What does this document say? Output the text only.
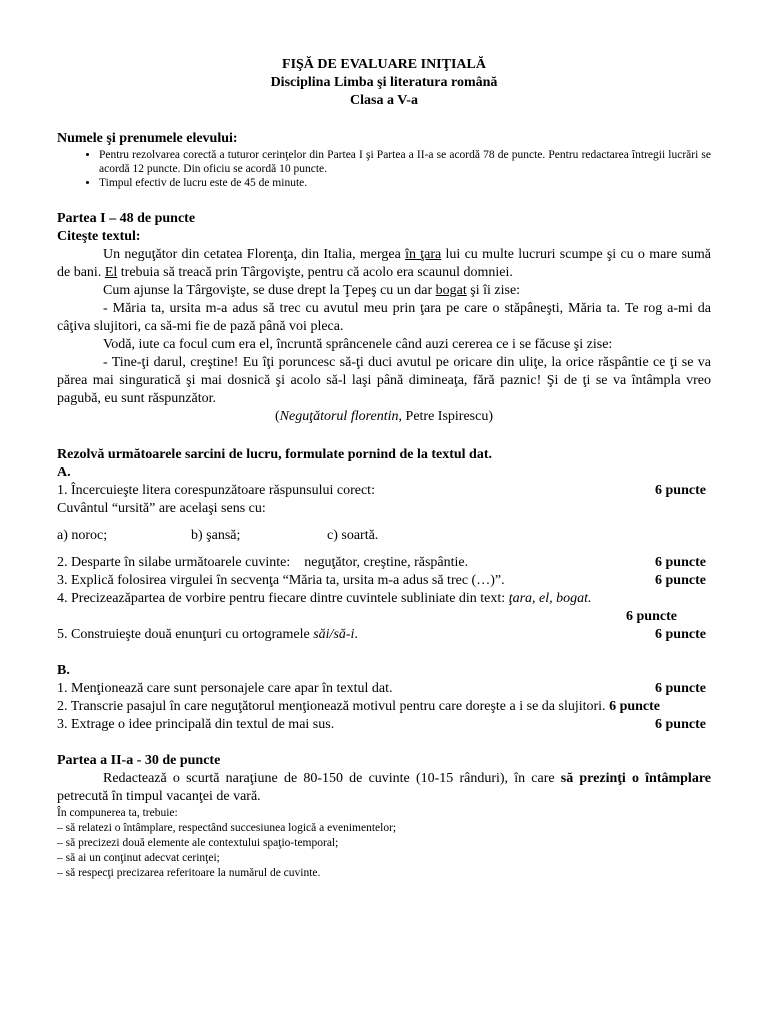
FIŞĂ DE EVALUARE INIŢIALĂ
Disciplina Limba şi literatura română
Clasa a V-a
Numele şi prenumele elevului:
• Pentru rezolvarea corectă a tuturor cerinţelor din Partea I şi Partea a II-a se acordă 78 de puncte. Pentru redactarea întregii lucrări se acordă 12 puncte. Din oficiu se acordă 10 puncte.
• Timpul efectiv de lucru este de 45 de minute.
Partea I – 48 de puncte
Citeşte textul:

Un neguţător din cetatea Florenţa, din Italia, mergea în ţara lui cu multe lucruri scumpe şi cu o mare sumă de bani. El trebuia să treacă prin Târgovişte, pentru că acolo era scaunul domniei.

Cum ajunse la Târgovişte, se duse drept la Ţepeş cu un dar bogat şi îi zise:

- Măria ta, ursita m-a adus să trec cu avutul meu prin ţara pe care o stăpâneşti, Măria ta. Te rog a-mi da câţiva slujitori, ca să-mi fie de pază până voi pleca.

Vodă, iute ca focul cum era el, încruntă sprâncenele când auzi cererea ce i se făcuse şi zise:

- Tine-ţi darul, creştine! Eu îţi poruncesc să-ţi duci avutul pe oricare din uliţe, la orice răspântie ce ţi se va părea mai singuratică şi mai dosnică şi acolo să-l laşi până dimineaţa, fără paznic! Şi de ţi se va întâmpla vreo pagubă, eu sunt răspunzător.

(Neguţătorul florentin, Petre Ispirescu)

Rezolvă următoarele sarcini de lucru, formulate pornind de la textul dat.
A.
1. Încercuieşte litera corespunzătoare răspunsului corect:	6 puncte
Cuvântul “ursită” are acelaşi sens cu:
a) noroc;	b) şansă;	c) soartă.
2. Desparte în silabe următoarele cuvinte: neguţător, creştine, răspântie.	6 puncte
3. Explică folosirea virgulei în secvenţa “Măria ta, ursita m-a adus să trec (…)”.	6 puncte
4. Precizeazăpartea de vorbire pentru fiecare dintre cuvintele subliniate din text: ţara, el, bogat.
6 puncte
5. Construieşte două enunţuri cu ortogramele săi/să-i.	6 puncte
B.
1. Menţionează care sunt personajele care apar în textul dat.	6 puncte
2. Transcrie pasajul în care neguţătorul menţionează motivul pentru care doreşte a i se da slujitori. 6 puncte
3. Extrage o idee principală din textul de mai sus.	6 puncte
Partea a II-a - 30 de puncte

Redactează o scurtă naraţiune de 80-150 de cuvinte (10-15 rânduri), în care să prezinţi o întâmplare petrecută în timpul vacanţei de vară.

În compunerea ta, trebuie:
– să relatezi o întâmplare, respectând succesiunea logică a evenimentelor;
– să precizezi două elemente ale contextului spaţio-temporal;
– să ai un conţinut adecvat cerinţei;
– să respecţi precizarea referitoare la numărul de cuvinte.
